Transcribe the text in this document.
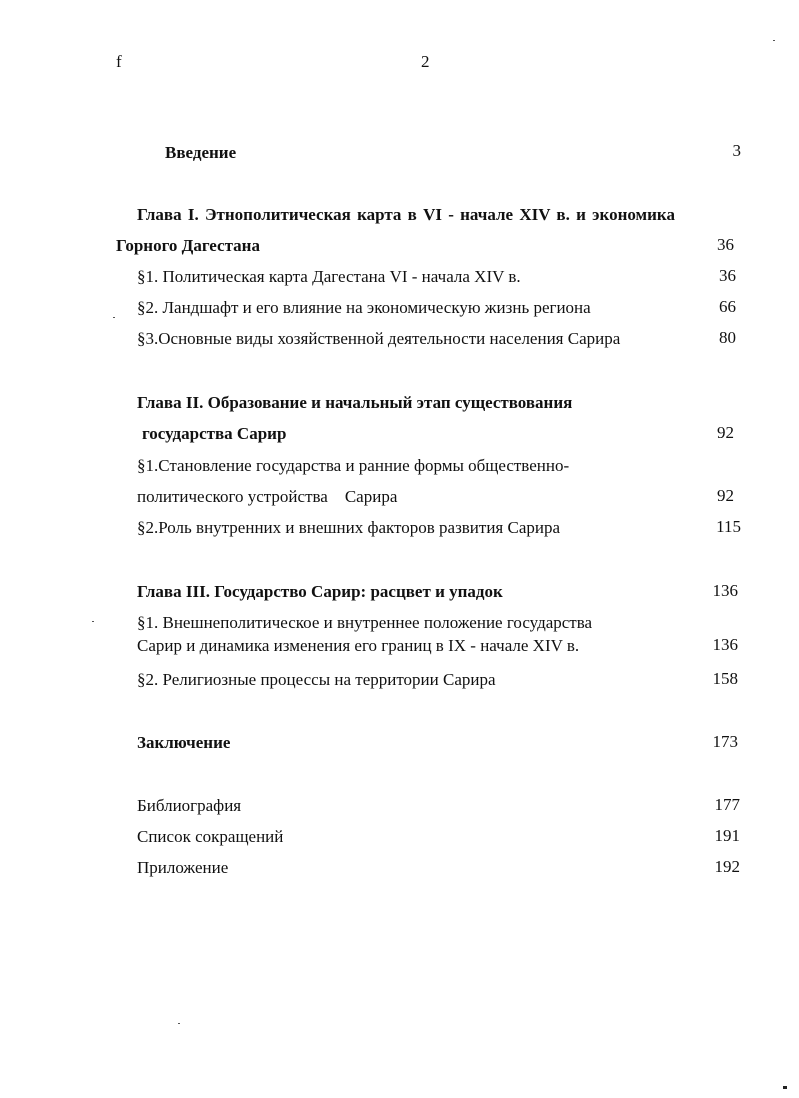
f	2
Введение	3
Глава I. Этнополитическая карта в VI - начале XIV в. и экономика
Горного Дагестана	36
§1. Политическая карта Дагестана VI - начала XIV в.	36
§2. Ландшафт и его влияние на экономическую жизнь региона	66
§3.Основные виды хозяйственной деятельности населения Сарира	80
Глава II. Образование и начальный этап существования
государства Сарир	92
§1.Становление государства и ранние формы общественно-
политического устройства    Сарира	92
§2.Роль внутренних и внешних факторов развития Сарира	115
Глава III. Государство Сарир: расцвет и упадок	136
§1. Внешнеполитическое и внутреннее положение государства
Сарир и динамика изменения его границ в IX - начале XIV в.	136
§2. Религиозные процессы на территории Сарира	158
Заключение	173
Библиография	177
Список сокращений	191
Приложение	192
